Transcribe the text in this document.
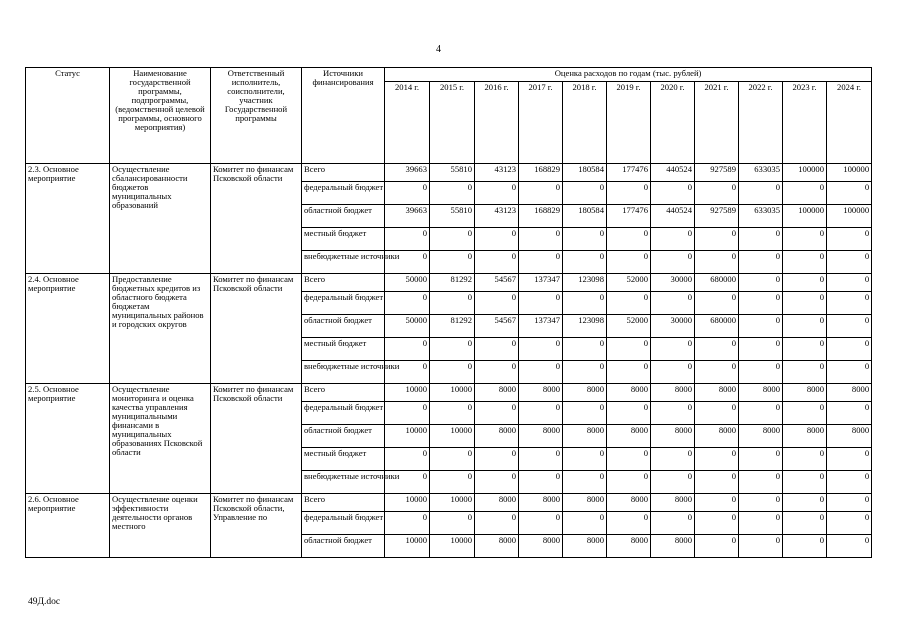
4
Статус	Наименование государственной программы, подпрограммы, (ведомственной целевой программы, основного мероприятия)	Ответственный исполнитель, соисполнители, участник Государственной программы	Источники финансирования	Оценка расходов по годам (тыс. рублей)										
				2014 г.	2015 г.	2016 г.	2017 г.	2018 г.	2019 г.	2020 г.	2021 г.	2022 г.	2023 г.	2024 г.
2.3. Основное мероприятие	Осуществление сбалансированности бюджетов муниципальных образований	Комитет по финансам Псковской области	Всего	39663	55810	43123	168829	180584	177476	440524	927589	633035	100000	100000
			федеральный бюджет	0	0	0	0	0	0	0	0	0	0	0
			областной бюджет	39663	55810	43123	168829	180584	177476	440524	927589	633035	100000	100000
			местный бюджет	0	0	0	0	0	0	0	0	0	0	0
			внебюджетные источники	0	0	0	0	0	0	0	0	0	0	0
2.4. Основное мероприятие	Предоставление бюджетных кредитов из областного бюджета бюджетам муниципальных районов и городских округов	Комитет по финансам Псковской области	Всего	50000	81292	54567	137347	123098	52000	30000	680000	0	0	0
			федеральный бюджет	0	0	0	0	0	0	0	0	0	0	0
			областной бюджет	50000	81292	54567	137347	123098	52000	30000	680000	0	0	0
			местный бюджет	0	0	0	0	0	0	0	0	0	0	0
			внебюджетные источники	0	0	0	0	0	0	0	0	0	0	0
2.5. Основное мероприятие	Осуществление мониторинга и оценка качества управления муниципальными финансами в муниципальных образованиях Псковской области	Комитет по финансам Псковской области	Всего	10000	10000	8000	8000	8000	8000	8000	8000	8000	8000	8000
			федеральный бюджет	0	0	0	0	0	0	0	0	0	0	0
			областной бюджет	10000	10000	8000	8000	8000	8000	8000	8000	8000	8000	8000
			местный бюджет	0	0	0	0	0	0	0	0	0	0	0
			внебюджетные источники	0	0	0	0	0	0	0	0	0	0	0
2.6. Основное мероприятие	Осуществление оценки эффективности деятельности органов местного	Комитет по финансам Псковской области, Управление по	Всего	10000	10000	8000	8000	8000	8000	8000	0	0	0	0
			федеральный бюджет	0	0	0	0	0	0	0	0	0	0	0
			областной бюджет	10000	10000	8000	8000	8000	8000	8000	0	0	0	0
49Д.doc
